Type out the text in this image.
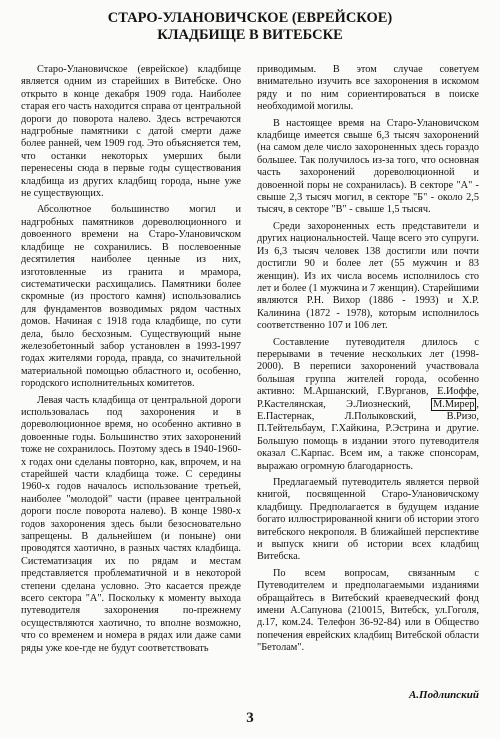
СТАРО-УЛАНОВИЧСКОЕ (ЕВРЕЙСКОЕ)
КЛАДБИЩЕ В ВИТЕБСКЕ

Старо-Улановичское (еврейское) кладбище является одним из старейших в Витебске. Оно открыто в конце декабря 1909 года. Наиболее старая его часть находится справа от центральной дороги до поворота налево. Здесь встречаются надгробные памятники с датой смерти даже более ранней, чем 1909 год. Это объясняется тем, что останки некоторых умерших были перенесены сюда в первые годы существования кладбища из других кладбищ города, ныне уже не существующих.

Абсолютное большинство могил и надгробных памятников дореволюционного и довоенного времени на Старо-Улановичском кладбище не сохранились. В послевоенные десятилетия наиболее ценные из них, изготовленные из гранита и мрамора, систематически расхищались. Памятники более скромные (из простого камня) использовались для фундаментов возводимых рядом частных домов. Начиная с 1918 года кладбище, по сути дела, было бесхозным. Существующий ныне железобетонный забор установлен в 1993-1997 годах жителями города, правда, со значительной материальной помощью областного и, особенно, городского исполнительных комитетов.

Левая часть кладбища от центральной дороги использовалась под захоронения и в дореволюционное время, но особенно активно в довоенные годы. Большинство этих захоронений тоже не сохранилось. Поэтому здесь в 1940-1960-х годах они сделаны повторно, как, впрочем, и на старейшей части кладбища тоже. С середины 1960-х годов началось использование третьей, наиболее "молодой" части (правее центральной дороги после поворота налево). В конце 1980-х годов захоронения здесь были безосновательно запрещены. В дальнейшем (и поныне) они проводятся хаотично, в разных частях кладбища. Систематизация их по рядам и местам представляется проблематичной и в некоторой степени сделана условно. Это касается прежде всего сектора "А". Поскольку к моменту выхода путеводителя захоронения по-прежнему осуществляются хаотично, то вполне возможно, что со временем и номера в рядах или даже сами ряды уже кое-где не будут соответствовать

приводимым. В этом случае советуем внимательно изучить все захоронения в искомом ряду и по ним сориентироваться в поиске необходимой могилы.

В настоящее время на Старо-Улановичском кладбище имеется свыше 6,3 тысяч захоронений (на самом деле число захороненных здесь гораздо большее. Так получилось из-за того, что основная часть захоронений дореволюционной и довоенной поры не сохранилась). В секторе "А" - свыше 2,3 тысяч могил, в секторе "Б" - около 2,5 тысяч, в секторе "В" - свыше 1,5 тысяч.

Среди захороненных есть представители и других национальностей. Чаще всего это супруги. Из 6,3 тысяч человек 138 достигли или почти достигли 90 и более лет (55 мужчин и 83 женщин). Из их числа восемь исполнилось сто лет и более (1 мужчина и 7 женщин). Старейшими являются Р.Н. Вихор (1886 - 1993) и Х.Р. Калинина (1872 - 1978), которым исполнилось соответственно 107 и 106 лет.

Составление путеводителя длилось с перерывами в течение нескольких лет (1998-2000). В переписи захоронений участвовала большая группа жителей города, особенно активно: М.Аршанский, Г.Вурганов, Е.Иоффе, Р.Кастелянская, Э.Лиознеский, М.Мирер , Е.Пастернак, Л.Полыковский, В.Ризо, П.Тейтельбаум, Г.Хайкина, Р.Эстрина и другие. Большую помощь в издании этого путеводителя оказал С.Карпас. Всем им, а также спонсорам, выражаю огромную благодарность.

Предлагаемый путеводитель является первой книгой, посвященной Старо-Улановичскому кладбищу. Предполагается в будущем издание богато иллюстрированной книги об истории этого витебского некрополя. В ближайшей перспективе и выпуск книги об истории всех кладбищ Витебска.

По всем вопросам, связанным с Путеводителем и предполагаемыми изданиями обращайтесь в Витебский краеведческий фонд имени А.Сапунова (210015, Витебск, ул.Гоголя, д.17, ком.24. Телефон 36-92-84) или в Общество попечения еврейских кладбищ Витебской области "Бетолам".

А.Подлипский
3
